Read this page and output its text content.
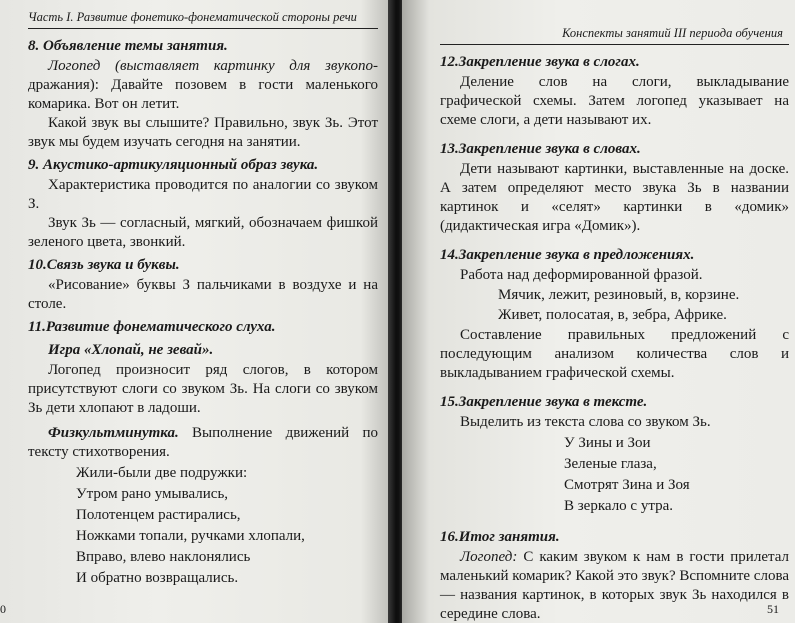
Часть I. Развитие фонетико-фонематической стороны речи
8. Объявление темы занятия.

Логопед (выставляет картинку для звукопо- дражания): Давайте позовем в гости маленького комарика. Вот он летит.

Какой звук вы слышите? Правильно, звук Зь. Этот звук мы будем изучать сегодня на занятии.

9. Акустико-артикуляционный образ звука.

Характеристика проводится по аналогии со звуком З.

Звук Зь — согласный, мягкий, обозначаем фишкой зеленого цвета, звонкий.

10.Связь звука и буквы.

«Рисование» буквы З пальчиками в воздухе и на столе.

11.Развитие фонематического слуха.
Игра «Хлопай, не зевай».

Логопед произносит ряд слогов, в котором присутствуют слоги со звуком Зь. На слоги со звуком Зь дети хлопают в ладоши.

Физкультминутка. Выполнение движений по тексту стихотворения.

Жили-были две подружки:
Утром рано умывались,
Полотенцем растирались,
Ножками топали, ручками хлопали,
Вправо, влево наклонялись
И обратно возвращались.
0
Конспекты занятий III периода обучения
12.Закрепление звука в слогах.

Деление слов на слоги, выкладывание графической схемы. Затем логопед указывает на схеме слоги, а дети называют их.

13.Закрепление звука в словах.

Дети называют картинки, выставленные на доске. А затем определяют место звука Зь в названии картинок и «селят» картинки в «домик» (дидактическая игра «Домик»).

14.Закрепление звука в предложениях.

Работа над деформированной фразой.

Мячик, лежит, резиновый, в, корзине.
Живет, полосатая, в, зебра, Африке.

Составление правильных предложений с последующим анализом количества слов и выкладыванием графической схемы.

15.Закрепление звука в тексте.

Выделить из текста слова со звуком Зь.

У Зины и Зои
Зеленые глаза,
Смотрят Зина и Зоя
В зеркало с утра.
16.Итог занятия.

Логопед: С каким звуком к нам в гости прилетал маленький комарик? Какой это звук? Вспомните слова — названия картинок, в которых звук Зь находился в середине слова.	51
